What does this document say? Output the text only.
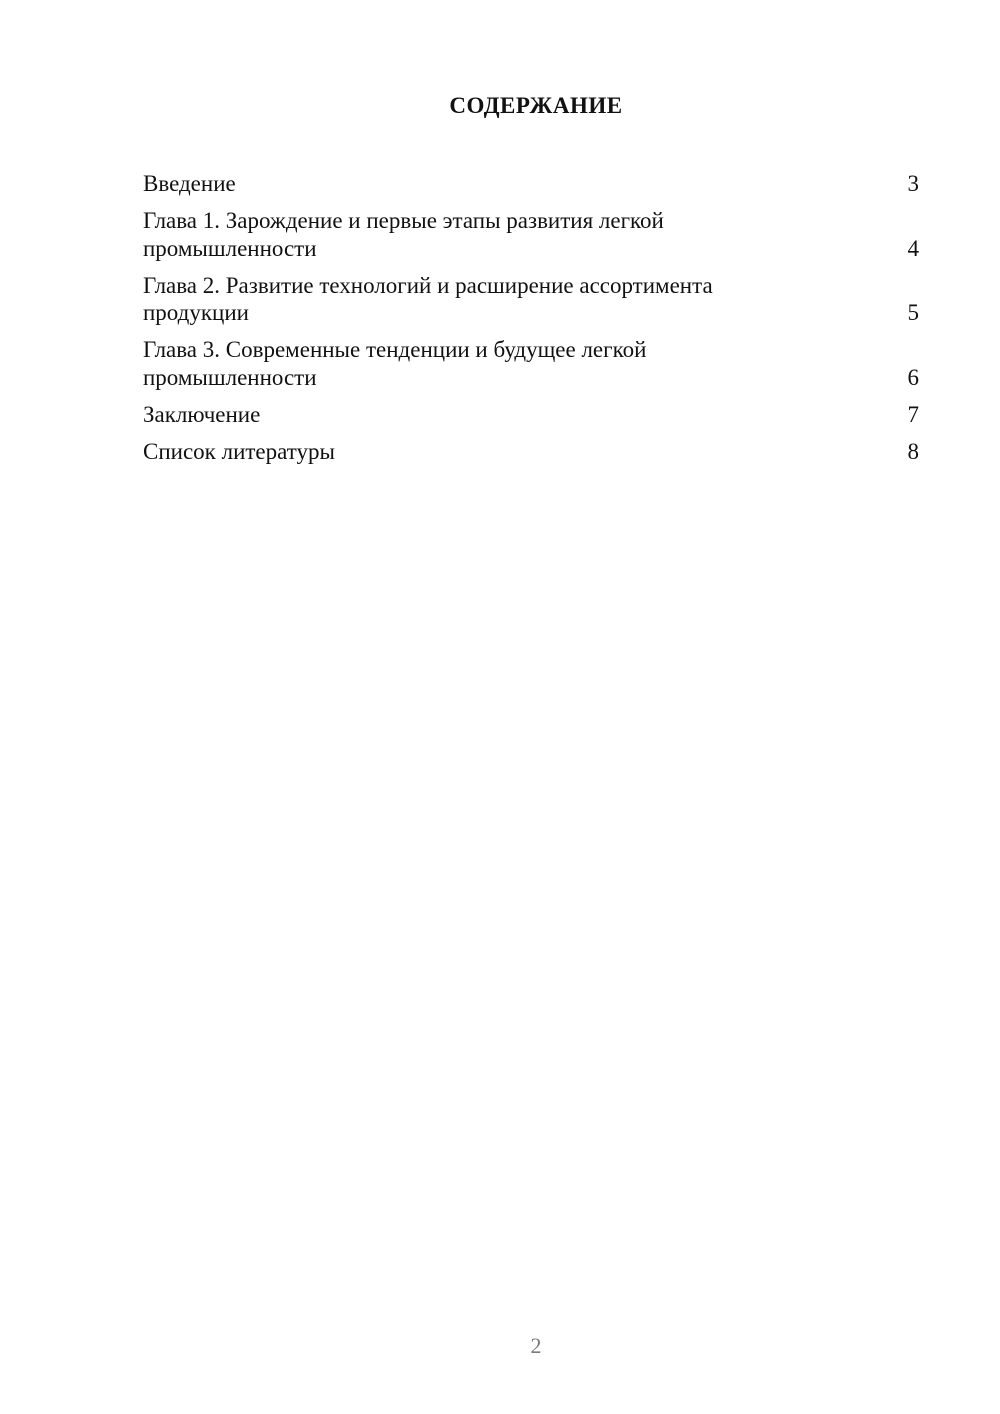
СОДЕРЖАНИЕ
Введение	3
Глава 1. Зарождение и первые этапы развития легкой промышленности	4
Глава 2. Развитие технологий и расширение ассортимента продукции	5
Глава 3. Современные тенденции и будущее легкой промышленности	6
Заключение	7
Список литературы	8
2
